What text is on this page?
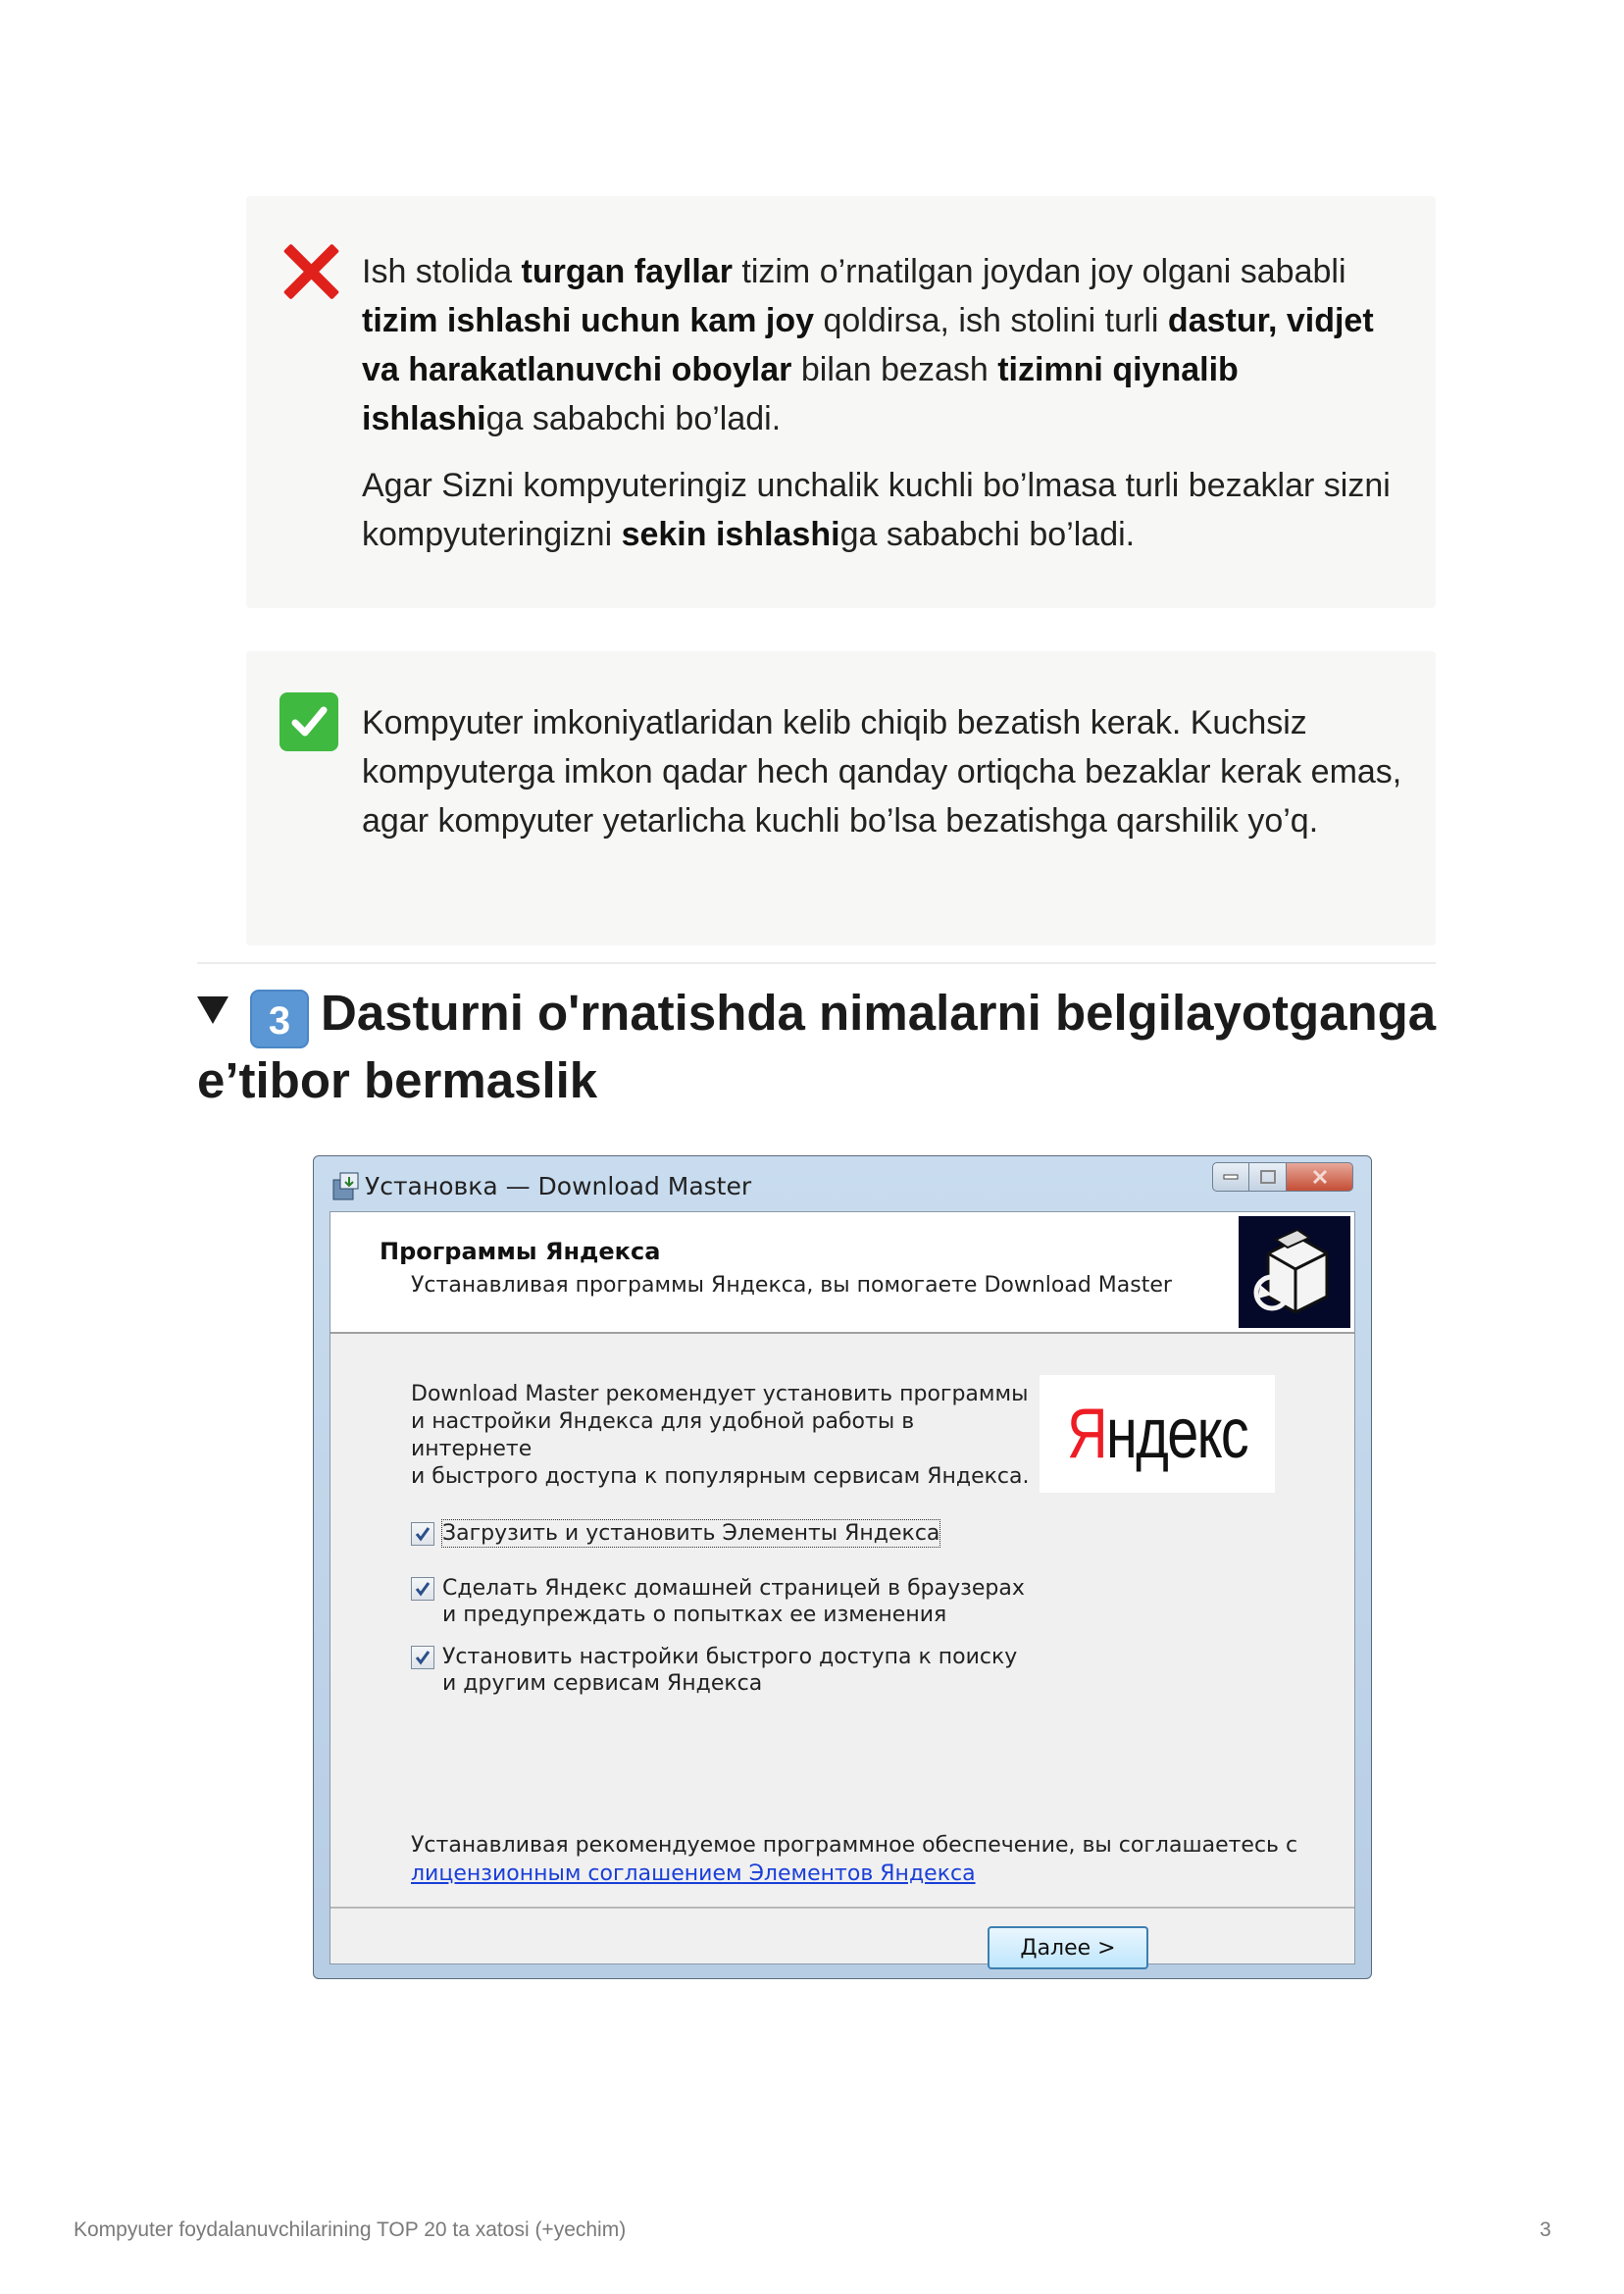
Ish stolida turgan fayllar tizim o’rnatilgan joydan joy olgani sababli tizim ishlashi uchun kam joy qoldirsa, ish stolini turli dastur, vidjet va harakatlanuvchi oboylar bilan bezash tizimni qiynalib ishlashiga sababchi bo’ladi.

Agar Sizni kompyuteringiz unchalik kuchli bo’lmasa turli bezaklar sizni kompyuteringizni sekin ishlashiga sababchi bo’ladi.

Kompyuter imkoniyatlaridan kelib chiqib bezatish kerak. Kuchsiz kompyuterga imkon qadar hech qanday ortiqcha bezaklar kerak emas, agar kompyuter yetarlicha kuchli bo’lsa bezatishga qarshilik yo’q.
3 Dasturni o'rnatishda nimalarni belgilayotganga e’tibor bermaslik
Установка — Download Master
Программы Яндекса
Устанавливая программы Яндекса, вы помогаете Download Master
Download Master рекомендует установить программы
и настройки Яндекса для удобной работы в интернете
и быстрого доступа к популярным сервисам Яндекса.
Яндекс
Загрузить и установить Элементы Яндекса
Сделать Яндекс домашней страницей в браузерах
и предупреждать о попытках ее изменения
Установить настройки быстрого доступа к поиску
и другим сервисам Яндекса
Устанавливая рекомендуемое программное обеспечение, вы соглашаетесь с
лицензионным соглашением Элементов Яндекса
Далее >
Kompyuter foydalanuvchilarining TOP 20 ta xatosi (+yechim)	3
